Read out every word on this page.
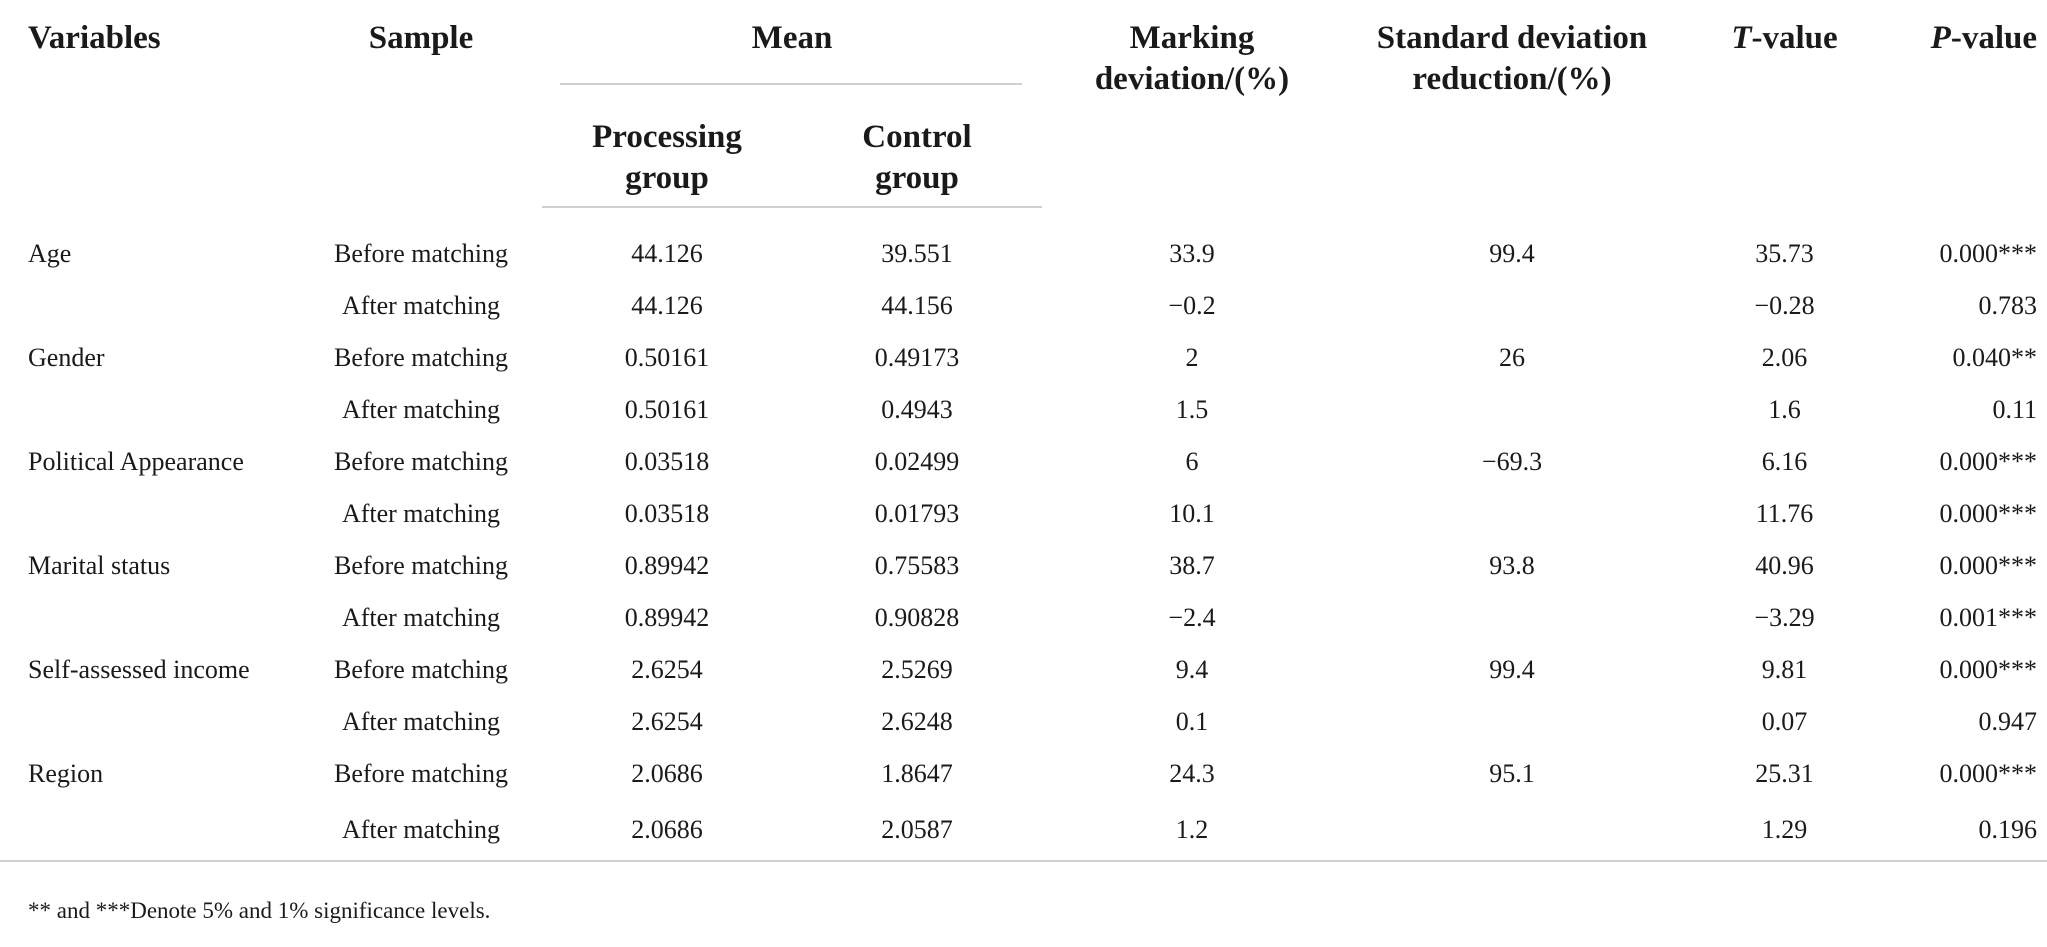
Variables	Sample	Mean		Marking deviation/(%)	Standard deviation reduction/(%)	T-value	P-value

		Processing group	Control group				

Age	Before matching	44.126	39.551	33.9	99.4	35.73	0.000***
	After matching	44.126	44.156	−0.2		−0.28	0.783
Gender	Before matching	0.50161	0.49173	2	26	2.06	0.040**
	After matching	0.50161	0.4943	1.5		1.6	0.11
Political Appearance	Before matching	0.03518	0.02499	6	−69.3	6.16	0.000***
	After matching	0.03518	0.01793	10.1		11.76	0.000***
Marital status	Before matching	0.89942	0.75583	38.7	93.8	40.96	0.000***
	After matching	0.89942	0.90828	−2.4		−3.29	0.001***
Self-assessed income	Before matching	2.6254	2.5269	9.4	99.4	9.81	0.000***
	After matching	2.6254	2.6248	0.1		0.07	0.947
Region	Before matching	2.0686	1.8647	24.3	95.1	25.31	0.000***
	After matching	2.0686	2.0587	1.2		1.29	0.196
** and ***Denote 5% and 1% significance levels.
